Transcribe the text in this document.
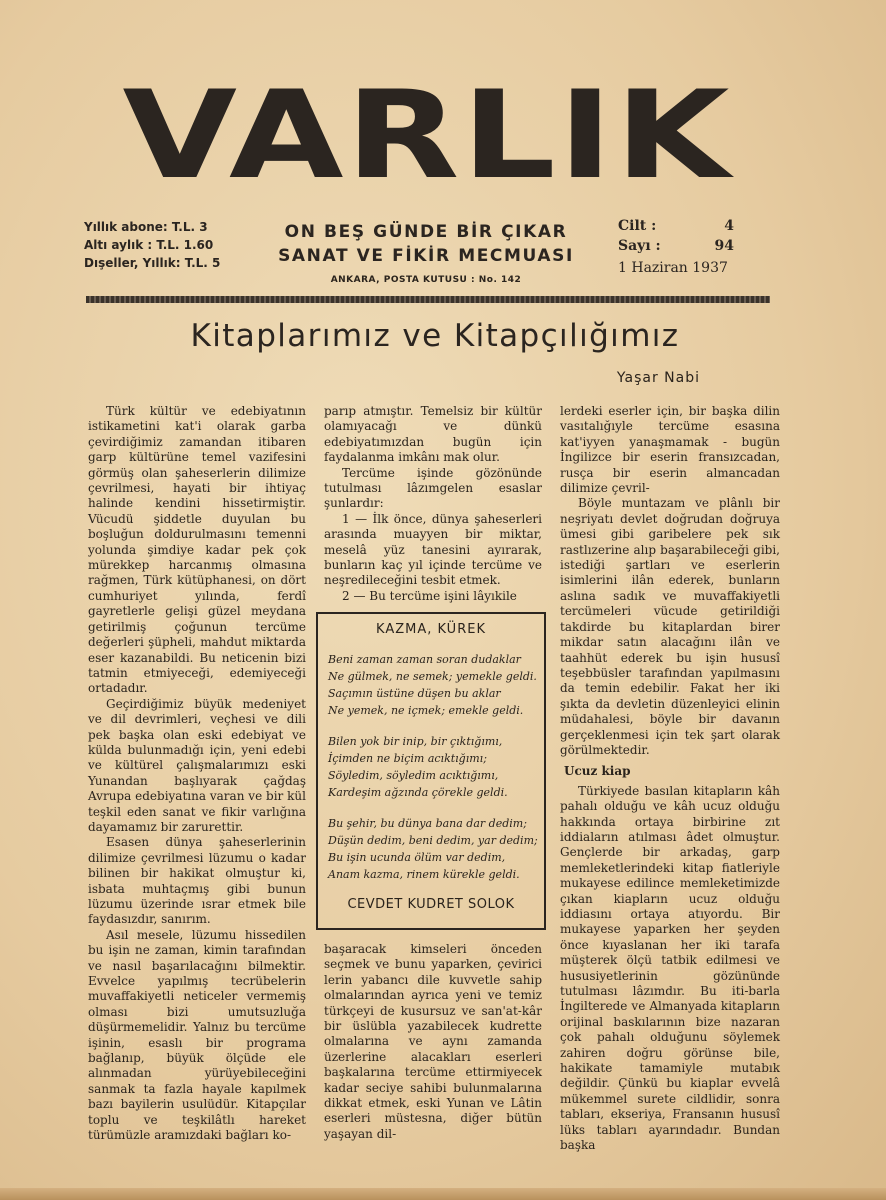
VARLIK
Yıllık abone: T.L. 3
Altı aylık : T.L. 1.60
Dışeller, Yıllık: T.L. 5
ON BEŞ GÜNDE BİR ÇIKAR
SANAT VE FİKİR MECMUASI
ANKARA, POSTA KUTUSU : No. 142
Cilt :	4
Sayı :	94
1 Haziran 1937
Kitaplarımız ve Kitapçılığımız
Yaşar Nabi

Türk kültür ve edebiyatının istikametini kat'i olarak garba çevirdiğimiz zamandan itibaren garp kültürüne temel vazifesini görmüş olan şaheserlerin dilimize çevrilmesi, hayati bir ihtiyaç halinde kendini hissetirmiştir. Vücudü şiddetle duyulan bu boşluğun doldurulmasını temenni yolunda şimdiye kadar pek çok mürekkep harcanmış olmasına rağmen, Türk kütüphanesi, on dört cumhuriyet yılında, ferdî gayretlerle gelişi güzel meydana getirilmiş çoğunun tercüme değerleri şüpheli, mahdut miktarda eser kazanabildi. Bu neticenin bizi tatmin etmiyeceği, edemiyeceği ortadadır.

Geçirdiğimiz büyük medeniyet ve dil devrimleri, veçhesi ve dili pek başka olan eski edebiyat ve külda bulunmadığı için, yeni edebi ve kültürel çalışmalarımızı eski Yunandan başlıyarak çağdaş Avrupa edebiyatına varan ve bir kül teşkil eden sanat ve fikir varlığına dayamamız bir zarurettir.

Esasen dünya şaheserlerinin dilimize çevrilmesi lüzumu o kadar bilinen bir hakikat olmuştur ki, isbata muhtaçmış gibi bunun lüzumu üzerinde ısrar etmek bile faydasızdır, sanırım.

Asıl mesele, lüzumu hissedilen bu işin ne zaman, kimin tarafından ve nasıl başarılacağını bilmektir. Evvelce yapılmış tecrübelerin muvaffakiyetli neticeler vermemiş olması bizi umutsuzluğa düşürmemelidir. Yalnız bu tercüme işinin, esaslı bir programa bağlanıp, büyük ölçüde ele alınmadan yürüyebileceğini sanmak ta fazla hayale kapılmek bazı bayilerin usulüdür. Kitapçılar toplu ve teşkilâtlı hareket türümüzle aramızdaki bağları ko-

parıp atmıştır. Temelsiz bir kültür olamıyacağı ve dünkü edebiyatımızdan bugün için faydalanma imkânı mak olur.

Tercüme işinde gözönünde tutulması lâzımgelen esaslar şunlardır:

1 — İlk önce, dünya şaheserleri arasında muayyen bir miktar, meselâ yüz tanesini ayırarak, bunların kaç yıl içinde tercüme ve neşredileceğini tesbit etmek.

2 — Bu tercüme işini lâyıkile

KAZMA, KÜREK
Beni zaman zaman soran dudaklar
Ne gülmek, ne semek; yemekle geldi.
Saçımın üstüne düşen bu aklar
Ne yemek, ne içmek; emekle geldi.
Bilen yok bir inip, bir çıktığımı,
İçimden ne biçim acıktığımı;
Söyledim, söyledim acıktığımı,
Kardeşim ağzında çörekle geldi.
Bu şehir, bu dünya bana dar dedim;
Düşün dedim, beni dedim, yar dedim;
Bu işin ucunda ölüm var dedim,
Anam kazma, rinem kürekle geldi.
CEVDET KUDRET SOLOK

başaracak kimseleri önceden seçmek ve bunu yaparken, çevirici lerin yabancı dile kuvvetle sahip olmalarından ayrıca yeni ve temiz türkçeyi de kusursuz ve san'at-kâr bir üslübla yazabilecek kudrette olmalarına ve aynı zamanda üzerlerine alacakları eserleri başkalarına tercüme ettirmiyecek kadar seciye sahibi bulunmalarına dikkat etmek, eski Yunan ve Lâtin eserleri müstesna, diğer bütün yaşayan dil-

lerdeki eserler için, bir başka dilin vasıtalığıyle tercüme esasına kat'iyyen yanaşmamak - bugün İngilizce bir eserin fransızcadan, rusça bir eserin almancadan dilimize çevril-

Böyle muntazam ve plânlı bir neşriyatı devlet doğrudan doğruya ümesi gibi garibelere pek sık rastlızerine alıp başarabileceği gibi, istediği şartları ve eserlerin isimlerini ilân ederek, bunların aslına sadık ve muvaffakiyetli tercümeleri vücude getirildiği takdirde bu kitaplardan birer mikdar satın alacağını ilân ve taahhüt ederek bu işin hususî teşebbüsler tarafından yapılmasını da temin edebilir. Fakat her iki şıkta da devletin düzenleyici elinin müdahalesi, böyle bir davanın gerçeklenmesi için tek şart olarak görülmektedir.

Ucuz kiap

Türkiyede basılan kitapların kâh pahalı olduğu ve kâh ucuz olduğu hakkında ortaya birbirine zıt iddiaların atılması âdet olmuştur. Gençlerde bir arkadaş, garp memleketlerindeki kitap fiatleriyle mukayese edilince memleketimizde çıkan kiapların ucuz olduğu iddiasını ortaya atıyordu. Bir mukayese yaparken her şeyden önce kıyaslanan her iki tarafa müşterek ölçü tatbik edilmesi ve hususiyetlerinin gözününde tutulması lâzımdır. Bu iti-barla İngilterede ve Almanyada kitapların orijinal baskılarının bize nazaran çok pahalı olduğunu söylemek zahiren doğru görünse bile, hakikate tamamiyle mutabık değildir. Çünkü bu kiaplar evvelâ mükemmel surete cildlidir, sonra tabları, ekseriya, Fransanın hususî lüks tabları ayarındadır. Bundan başka
